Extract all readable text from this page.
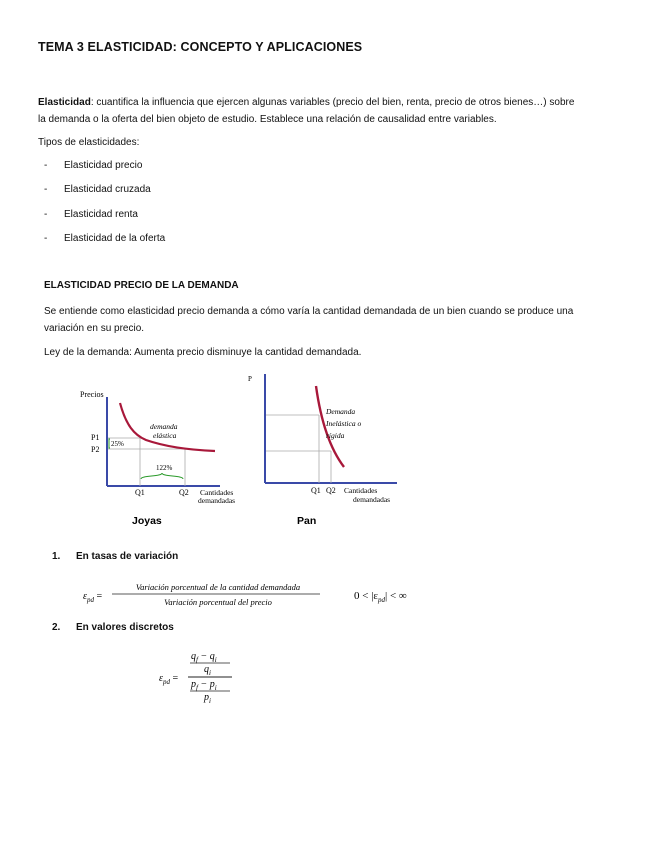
TEMA 3 ELASTICIDAD: CONCEPTO Y APLICACIONES
Elasticidad: cuantifica la influencia que ejercen algunas variables (precio del bien, renta, precio de otros bienes…) sobre
la demanda o la oferta del bien objeto de estudio. Establece una relación de causalidad entre variables.
Tipos de elasticidades:
- Elasticidad precio
- Elasticidad cruzada
- Elasticidad renta
- Elasticidad de la oferta
ELASTICIDAD PRECIO DE LA DEMANDA
Se entiende como elasticidad precio demanda a cómo varía la cantidad demandada de un bien cuando se produce una
variación en su precio.
Ley de la demanda: Aumenta precio disminuye la cantidad demandada.
Precios
demanda
elástica
P1
P2
25%
122%
Q1	Q2 Cantidades
demandadas
Joyas
P
Demanda
Inelástica o
rígida
Q1 Q2 Cantidades
demandadas
Pan
1. En tasas de variación
$\varepsilon_{pd}$ =
Variación porcentual de la cantidad demandada
Variación porcentual del precio	$0 < |\varepsilon_{pd}|$ < ∞
2. En valores discretos
$\varepsilon_{pd}$ =
$q_f - q_i$
$q_i$
$p_f - p_i$
$p_i$
